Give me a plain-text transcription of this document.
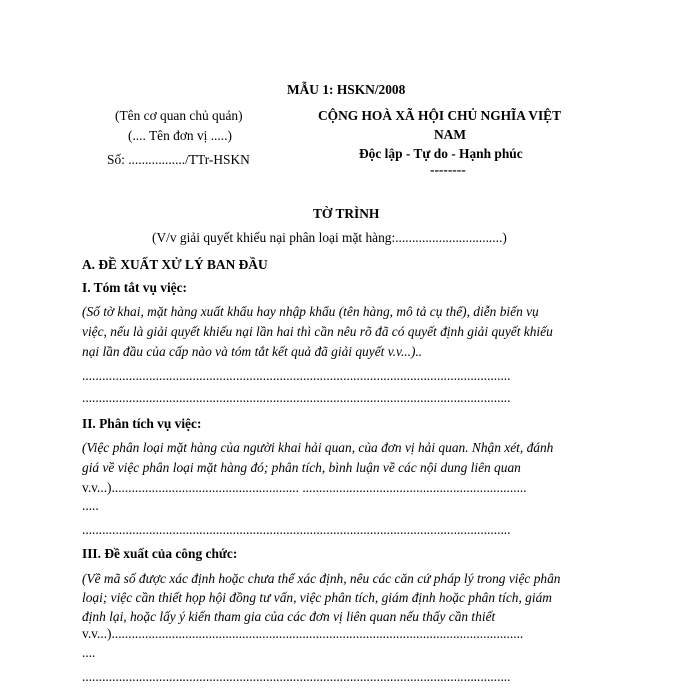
MẪU 1: HSKN/2008
(Tên cơ quan chủ quản)
(.... Tên đơn vị .....)
Số: ................./TTr-HSKN
CỘNG HOÀ XÃ HỘI CHỦ NGHĨA VIỆT
NAM
Độc lập - Tự do - Hạnh phúc
--------
TỜ TRÌNH
(V/v giải quyết khiếu nại phân loại mặt hàng:................................)
A. ĐỀ XUẤT XỬ LÝ BAN ĐẦU
I. Tóm tắt vụ việc:
(Số tờ khai, mặt hàng xuất khẩu hay nhập khẩu (tên hàng, mô tả cụ thể), diễn biến vụ
việc, nếu là giải quyết khiếu nại lần hai thì cần nêu rõ đã có quyết định giải quyết khiếu
nại lần đầu của cấp nào và tóm tắt kết quả đã giải quyết v.v...)..
................................................................................................................................
................................................................................................................................
II. Phân tích vụ việc:
(Việc phân loại mặt hàng của người khai hải quan, của đơn vị hải quan. Nhận xét, đánh
giá về việc phân loại mặt hàng đó; phân tích, bình luận về các nội dung liên quan
v.v...)........................................................ ...................................................................
.....
................................................................................................................................
III. Đề xuất của công chức:
(Về mã số được xác định hoặc chưa thể xác định, nêu các căn cứ pháp lý trong việc phân
loại; việc cần thiết họp hội đồng tư vấn, việc phân tích, giám định hoặc phân tích, giám
định lại, hoặc lấy ý kiến tham gia của các đơn vị liên quan nếu thấy cần thiết
v.v...)...........................................................................................................................
....
................................................................................................................................
